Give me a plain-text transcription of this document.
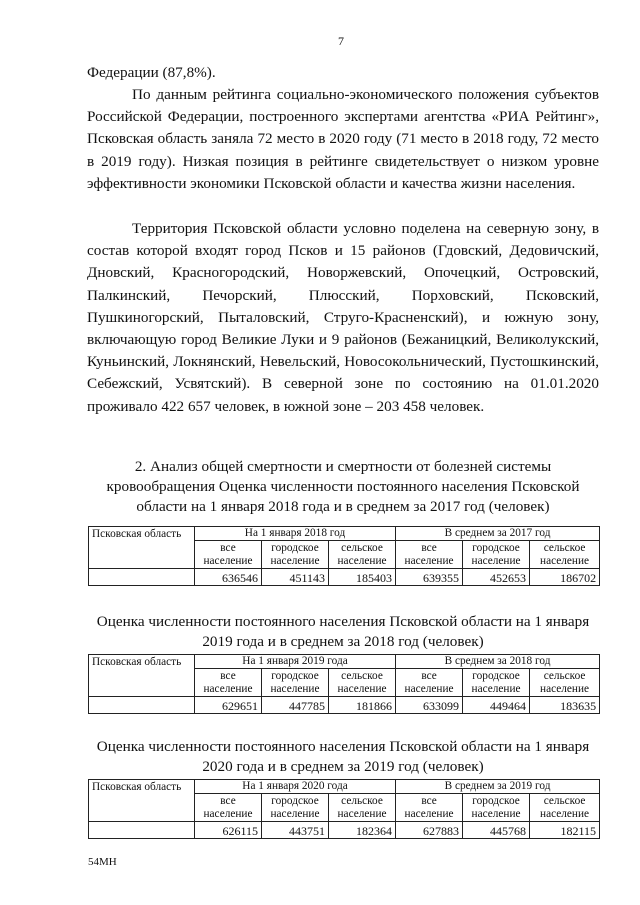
7

Федерации (87,8%).

По данным рейтинга социально-экономического положения субъектов Российской Федерации, построенного экспертами агентства «РИА Рейтинг», Псковская область заняла 72 место в 2020 году (71 место в 2018 году, 72 место в 2019 году). Низкая позиция в рейтинге свидетельствует о низком уровне эффективности экономики Псковской области и качества жизни населения.

Территория Псковской области условно поделена на северную зону, в состав которой входят город Псков и 15 районов (Гдовский, Дедовичский, Дновский, Красногородский, Новоржевский, Опочецкий, Островский, Палкинский, Печорский, Плюсский, Порховский, Псковский, Пушкиногорский, Пыталовский, Струго-Красненский), и южную зону, включающую город Великие Луки и 9 районов (Бежаницкий, Великолукский, Куньинский, Локнянский, Невельский, Новосокольнический, Пустошкинский, Себежский, Усвятский). В северной зоне по состоянию на 01.01.2020 проживало 422 657 человек, в южной зоне – 203 458 человек.

2. Анализ общей смертности и смертности от болезней системы кровообращения Оценка численности постоянного населения Псковской области на 1 января 2018 года и в среднем за 2017 год (человек)

Псковская область	На 1 января 2018 год			В среднем за 2017 год		
	все население	городское население	сельское население	все население	городское население	сельское население
	636546	451143	185403	639355	452653	186702

Оценка численности постоянного населения Псковской области на 1 января 2019 года и в среднем за 2018 год (человек)

Псковская область	На 1 января 2019 года			В среднем за 2018 год		
	все население	городское население	сельское население	все население	городское население	сельское население
	629651	447785	181866	633099	449464	183635

Оценка численности постоянного населения Псковской области на 1 января 2020 года и в среднем за 2019 год (человек)

Псковская область	На 1 января 2020 года			В среднем за 2019 год		
	все население	городское население	сельское население	все население	городское население	сельское население
	626115	443751	182364	627883	445768	182115
54МН
